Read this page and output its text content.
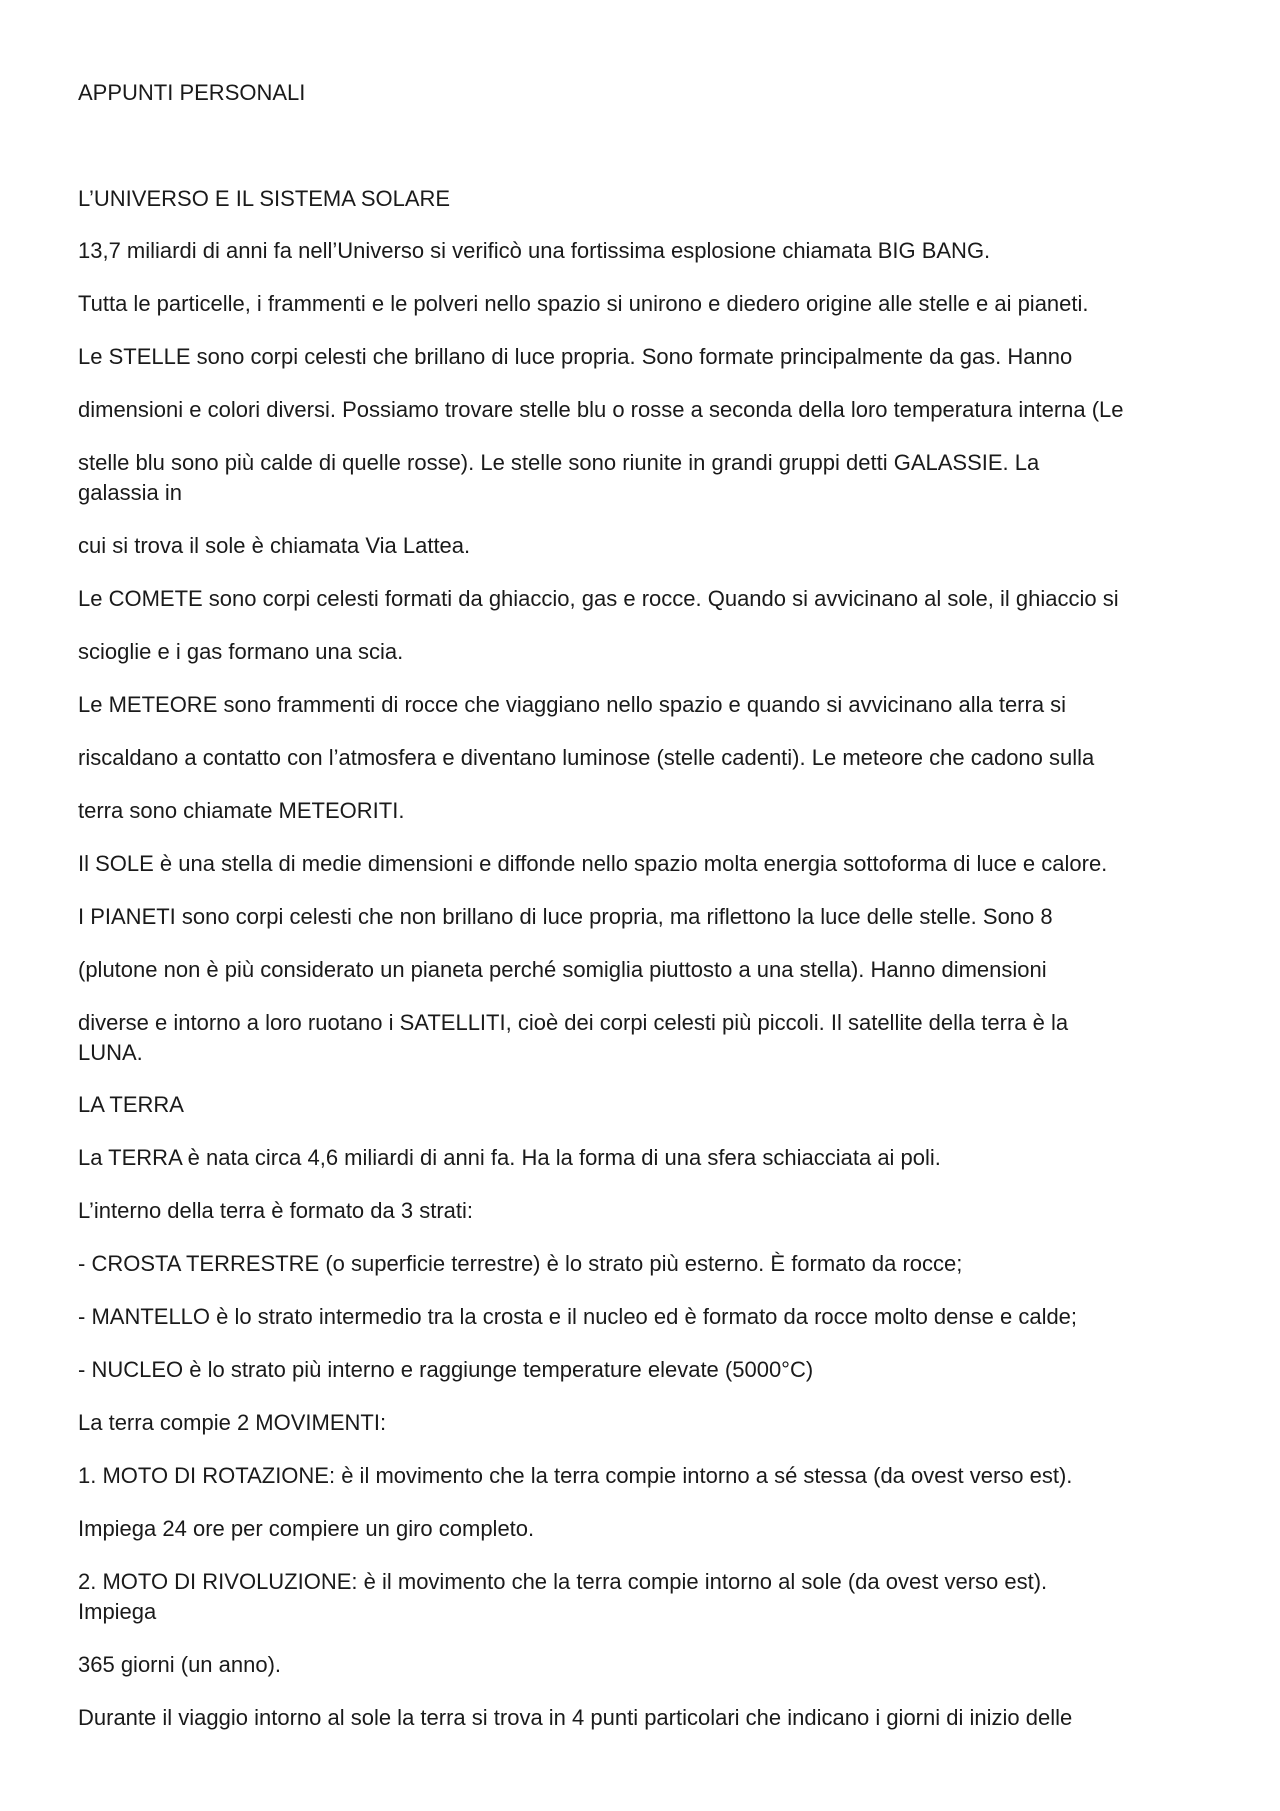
APPUNTI PERSONALI

L’UNIVERSO E IL SISTEMA SOLARE

13,7 miliardi di anni fa nell’Universo si verificò una fortissima esplosione chiamata BIG BANG.

Tutta le particelle, i frammenti e le polveri nello spazio si unirono e diedero origine alle stelle e ai pianeti.

Le STELLE sono corpi celesti che brillano di luce propria. Sono formate principalmente da gas. Hanno

dimensioni e colori diversi. Possiamo trovare stelle blu o rosse a seconda della loro temperatura interna (Le

stelle blu sono più calde di quelle rosse). Le stelle sono riunite in grandi gruppi detti GALASSIE. La

galassia in

cui si trova il sole è chiamata Via Lattea.

Le COMETE sono corpi celesti formati da ghiaccio, gas e rocce. Quando si avvicinano al sole, il ghiaccio si

scioglie e i gas formano una scia.

Le METEORE sono frammenti di rocce che viaggiano nello spazio e quando si avvicinano alla terra si

riscaldano a contatto con l’atmosfera e diventano luminose (stelle cadenti). Le meteore che cadono sulla

terra sono chiamate METEORITI.

Il SOLE è una stella di medie dimensioni e diffonde nello spazio molta energia sottoforma di luce e calore.

I PIANETI sono corpi celesti che non brillano di luce propria, ma riflettono la luce delle stelle. Sono 8

(plutone non è più considerato un pianeta perché somiglia piuttosto a una stella). Hanno dimensioni

diverse e intorno a loro ruotano i SATELLITI, cioè dei corpi celesti più piccoli. Il satellite della terra è la

LUNA.

LA TERRA

La TERRA è nata circa 4,6 miliardi di anni fa. Ha la forma di una sfera schiacciata ai poli.

L’interno della terra è formato da 3 strati:

- CROSTA TERRESTRE (o superficie terrestre) è lo strato più esterno. È formato da rocce;

- MANTELLO è lo strato intermedio tra la crosta e il nucleo ed è formato da rocce molto dense e calde;

- NUCLEO è lo strato più interno e raggiunge temperature elevate (5000°C)

La terra compie 2 MOVIMENTI:

1. MOTO DI ROTAZIONE: è il movimento che la terra compie intorno a sé stessa (da ovest verso est).

Impiega 24 ore per compiere un giro completo.

2. MOTO DI RIVOLUZIONE: è il movimento che la terra compie intorno al sole (da ovest verso est).

Impiega

365 giorni (un anno).

Durante il viaggio intorno al sole la terra si trova in 4 punti particolari che indicano i giorni di inizio delle
